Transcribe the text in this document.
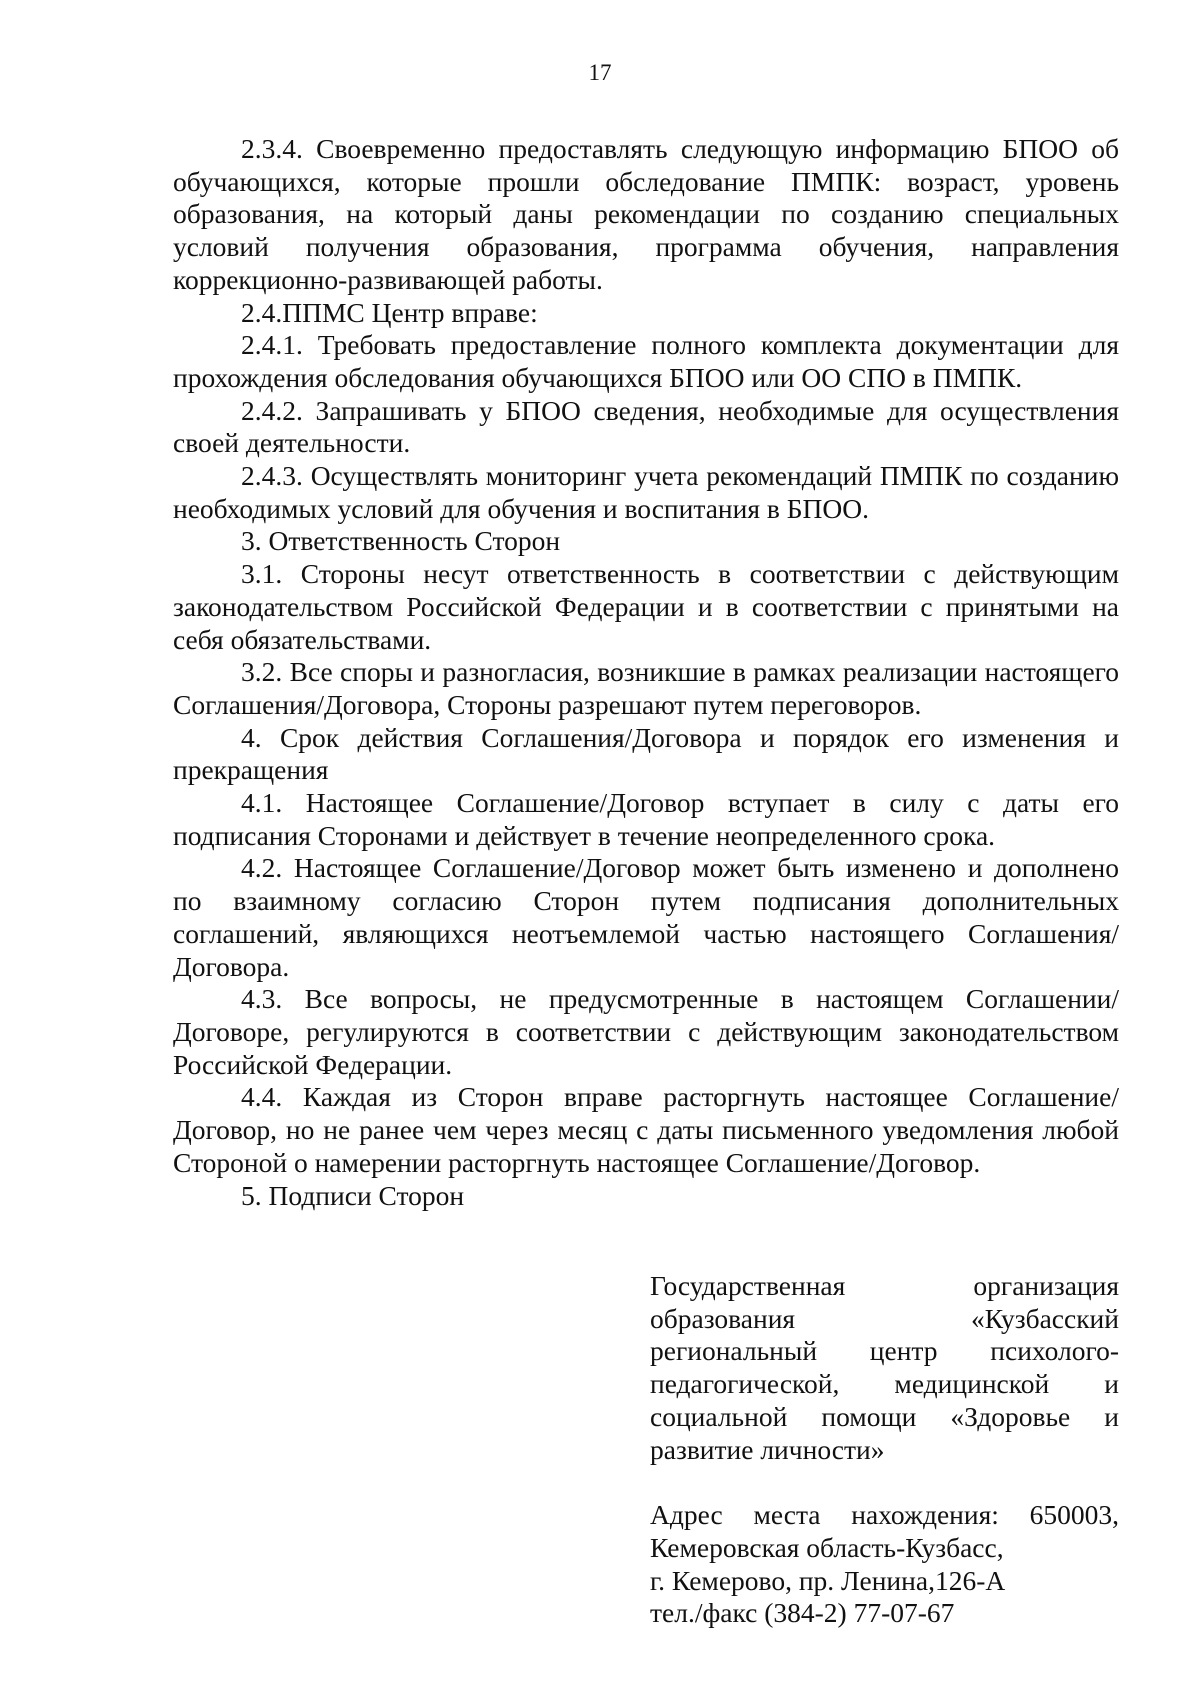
17

2.3.4. Своевременно предоставлять следующую информацию БПОО об обучающихся, которые прошли обследование ПМПК: возраст, уровень образования, на который даны рекомендации по созданию специальных условий получения образования, программа обучения, направления коррекционно-развивающей работы.

2.4.ППМС Центр вправе:

2.4.1. Требовать предоставление полного комплекта документации для прохождения обследования обучающихся БПОО или ОО СПО в ПМПК.

2.4.2. Запрашивать у БПОО сведения, необходимые для осуществления своей деятельности.

2.4.3. Осуществлять мониторинг учета рекомендаций ПМПК по созданию необходимых условий для обучения и воспитания в БПОО.

3. Ответственность Сторон

3.1. Стороны несут ответственность в соответствии с действующим законодательством Российской Федерации и в соответствии с принятыми на себя обязательствами.

3.2. Все споры и разногласия, возникшие в рамках реализации настоящего Соглашения/Договора, Стороны разрешают путем переговоров.

4. Срок действия Соглашения/Договора и порядок его изменения и прекращения

4.1. Настоящее Соглашение/Договор вступает в силу с даты его подписания Сторонами и действует в течение неопределенного срока.

4.2. Настоящее Соглашение/Договор может быть изменено и дополнено по взаимному согласию Сторон путем подписания дополнительных соглашений, являющихся неотъемлемой частью настоящего Соглашения/Договора.

4.3. Все вопросы, не предусмотренные в настоящем Соглашении/Договоре, регулируются в соответствии с действующим законодательством Российской Федерации.

4.4. Каждая из Сторон вправе расторгнуть настоящее Соглашение/Договор, но не ранее чем через месяц с даты письменного уведомления любой Стороной о намерении расторгнуть настоящее Соглашение/Договор.

5. Подписи Сторон

Государственная организация образования «Кузбасский региональный центр психолого-педагогической, медицинской и социальной помощи «Здоровье и развитие личности»

Адрес места нахождения: 650003,
Кемеровская область-Кузбасс,
г. Кемерово, пр. Ленина,126-А
тел./факс (384-2) 77-07-67
